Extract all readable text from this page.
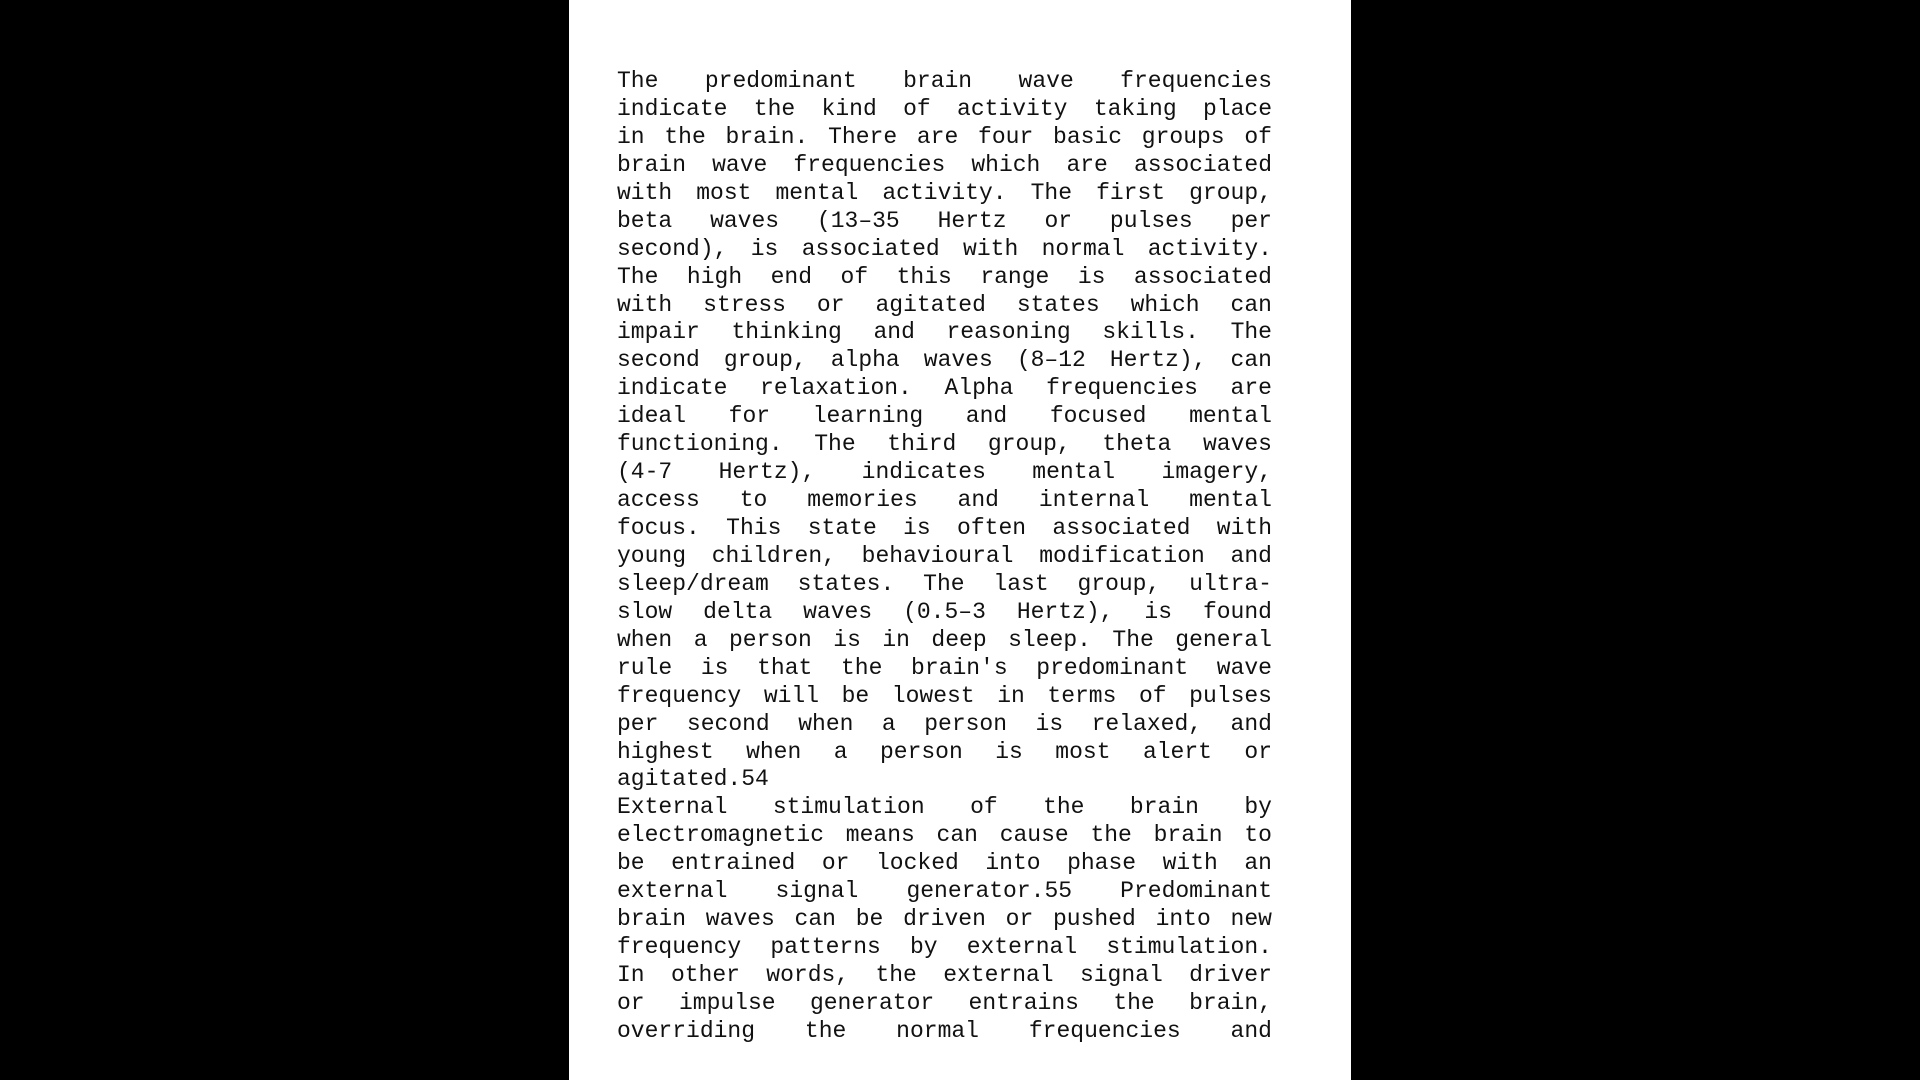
The predominant brain wave frequencies
indicate the kind of activity taking place
in the brain. There are four basic groups of
brain wave frequencies which are associated
with most mental activity. The first group,
beta waves (13–35 Hertz or pulses per
second), is associated with normal activity.
The high end of this range is associated
with stress or agitated states which can
impair thinking and reasoning skills. The
second group, alpha waves (8–12 Hertz), can
indicate relaxation. Alpha frequencies are
ideal for learning and focused mental
functioning. The third group, theta waves
(4-7 Hertz), indicates mental imagery,
access to memories and internal mental
focus. This state is often associated with
young children, behavioural modification and
sleep/dream states. The last group, ultra-
slow delta waves (0.5–3 Hertz), is found
when a person is in deep sleep. The general
rule is that the brain's predominant wave
frequency will be lowest in terms of pulses
per second when a person is relaxed, and
highest when a person is most alert or
agitated.54
External stimulation of the brain by
electromagnetic means can cause the brain to
be entrained or locked into phase with an
external signal generator.55 Predominant
brain waves can be driven or pushed into new
frequency patterns by external stimulation.
In other words, the external signal driver
or impulse generator entrains the brain,
overriding the normal frequencies and
